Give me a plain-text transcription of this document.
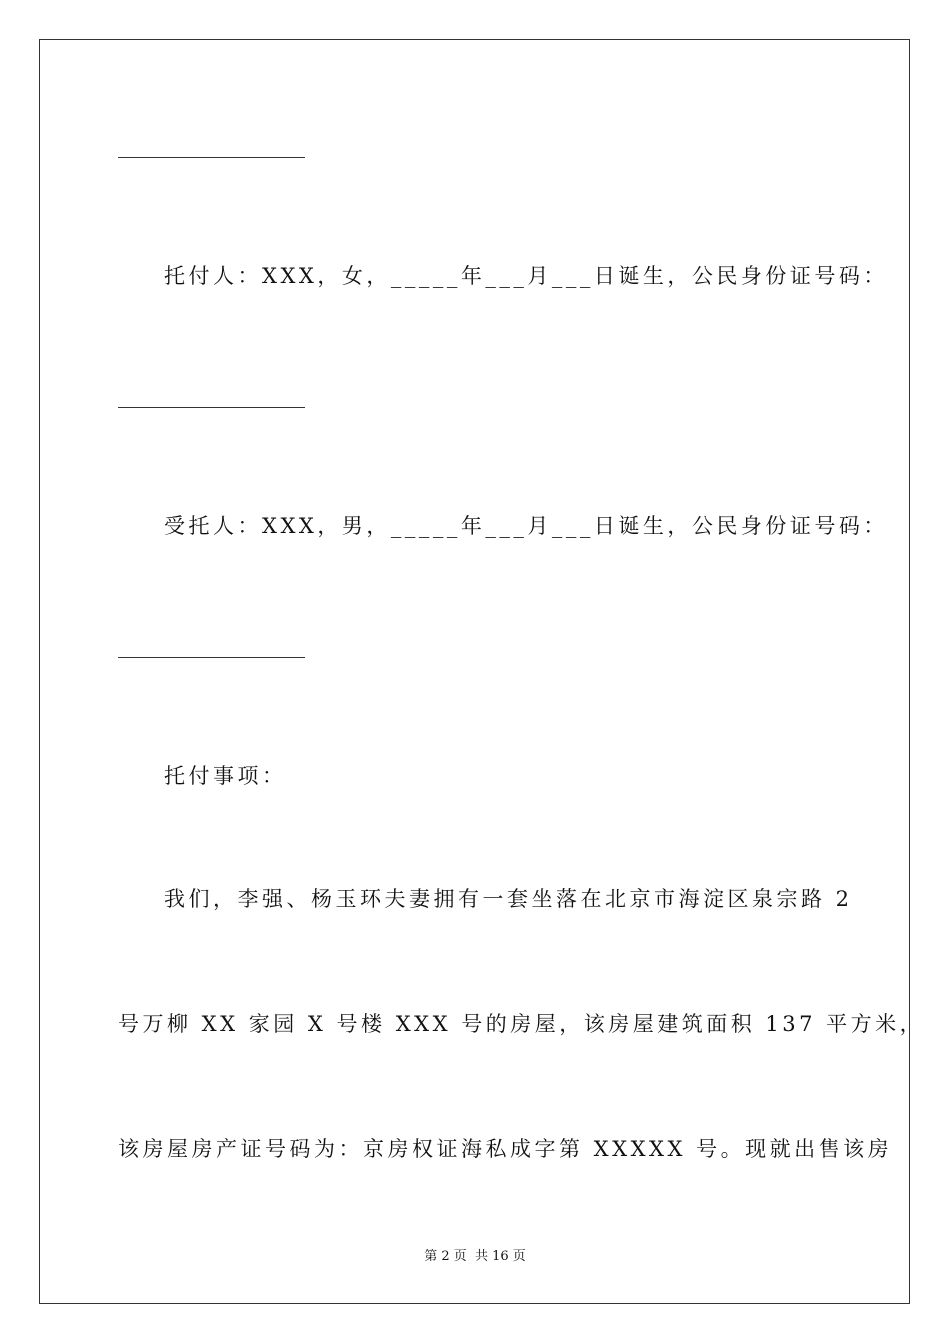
托付人：XXX，女，_____年___月___日诞生，公民身份证号码：
受托人：XXX，男，_____年___月___日诞生，公民身份证号码：
托付事项：
我们，李强、杨玉环夫妻拥有一套坐落在北京市海淀区泉宗路 2
号万柳 XX 家园 X 号楼 XXX 号的房屋，该房屋建筑面积 137 平方米，
该房屋房产证号码为：京房权证海私成字第 XXXXX 号。现就出售该房
第 2 页 共 16 页
